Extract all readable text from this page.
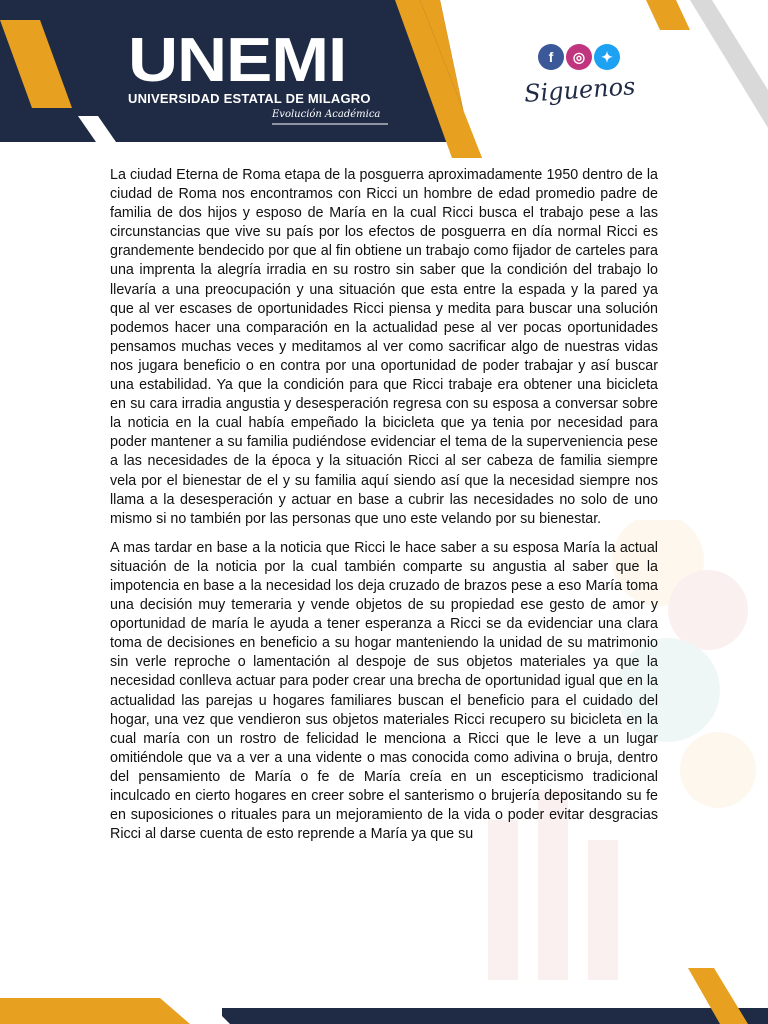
UNEMI
UNIVERSIDAD ESTATAL DE MILAGRO
Evolución Académica
f	◎	✦
Siguenos

La ciudad Eterna de Roma etapa de la posguerra aproximadamente 1950 dentro de la ciudad de Roma nos encontramos con Ricci un hombre de edad promedio padre de familia de dos hijos y esposo de María en la cual Ricci busca el trabajo pese a las circunstancias que vive su país por los efectos de posguerra en día normal Ricci es grandemente bendecido por que al fin obtiene un trabajo como fijador de carteles para una imprenta la alegría irradia en su rostro sin saber que la condición del trabajo lo llevaría a una preocupación y una situación que esta entre la espada y la pared ya que al ver escases de oportunidades Ricci piensa y medita para buscar una solución podemos hacer una comparación en la actualidad pese al ver pocas oportunidades pensamos muchas veces y meditamos al ver como sacrificar algo de nuestras vidas nos jugara beneficio o en contra por una oportunidad de poder trabajar y así buscar una estabilidad. Ya que la condición para que Ricci trabaje era obtener una bicicleta en su cara irradia angustia y desesperación regresa con su esposa a conversar sobre la noticia en la cual había empeñado la bicicleta que ya tenia por necesidad para poder mantener a su familia pudiéndose evidenciar el tema de la superveniencia pese a las necesidades de la época y la situación Ricci al ser cabeza de familia siempre vela por el bienestar de el y su familia aquí siendo así que la necesidad siempre nos llama a la desesperación y actuar en base a cubrir las necesidades no solo de uno mismo si no también por las personas que uno este velando por su bienestar.

A mas tardar en base a la noticia que Ricci le hace saber a su esposa María la actual situación de la noticia por la cual también comparte su angustia al saber que la impotencia en base a la necesidad los deja cruzado de brazos pese a eso María toma una decisión muy temeraria y vende objetos de su propiedad ese gesto de amor y oportunidad de maría le ayuda a tener esperanza a Ricci se da evidenciar una clara toma de decisiones en beneficio a su hogar manteniendo la unidad de su matrimonio sin verle reproche o lamentación al despoje de sus objetos materiales ya que la necesidad conlleva actuar para poder crear una brecha de oportunidad igual que en la actualidad las parejas u hogares familiares buscan el beneficio para el cuidado del hogar, una vez que vendieron sus objetos materiales Ricci recupero su bicicleta en la cual maría con un rostro de felicidad le menciona a Ricci que le leve a un lugar omitiéndole que va a ver a una vidente o mas conocida como adivina o bruja, dentro del pensamiento de María o fe de María creía en un escepticismo tradicional inculcado en cierto hogares en creer sobre el santerismo o brujería depositando su fe en suposiciones o rituales para un mejoramiento de la vida o poder evitar desgracias Ricci al darse cuenta de esto reprende a María ya que su
